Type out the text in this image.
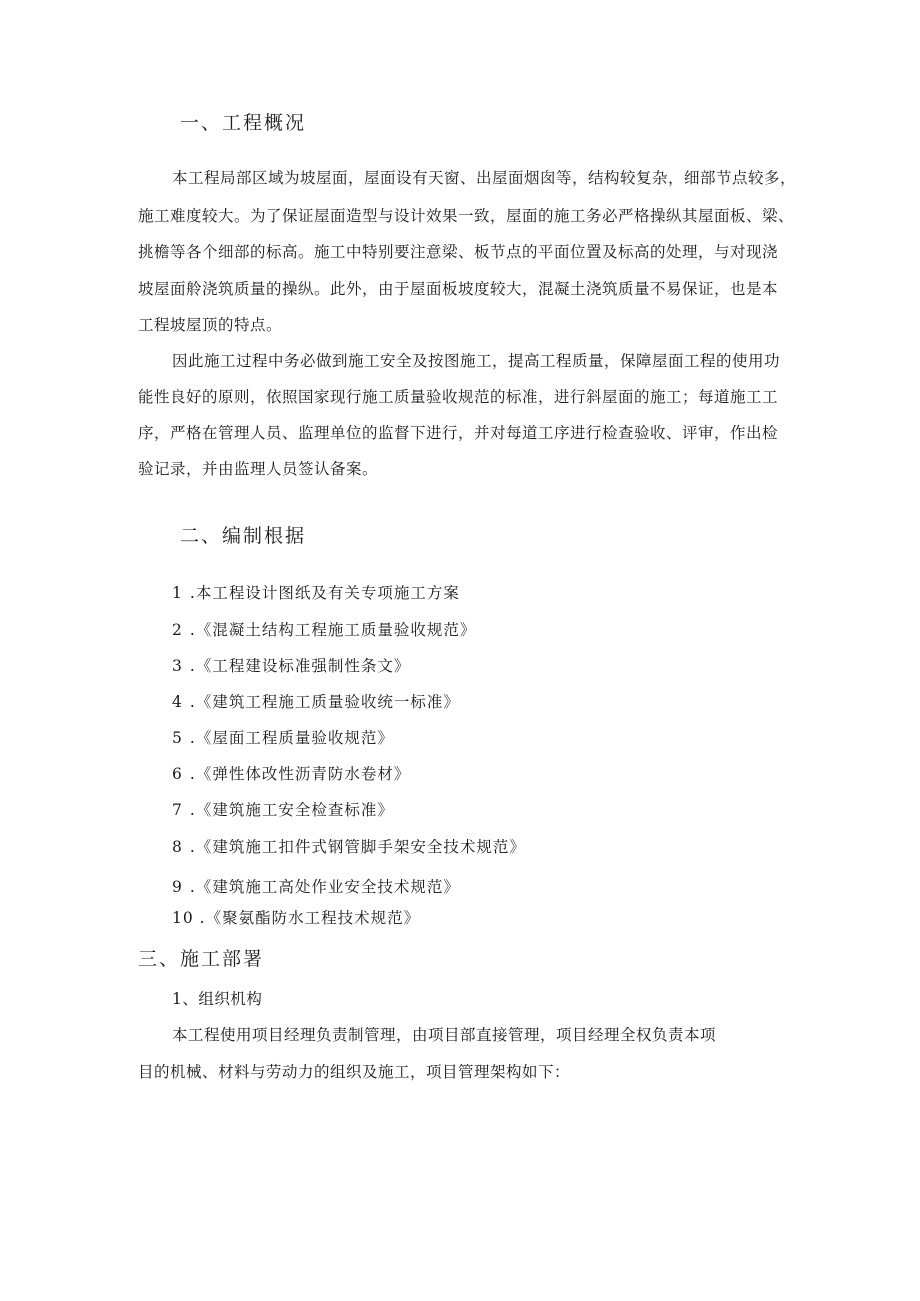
一、工程概况
本工程局部区域为坡屋面，屋面设有天窗、出屋面烟囱等，结构较复杂，细部节点较多，
施工难度较大。为了保证屋面造型与设计效果一致，屋面的施工务必严格操纵其屋面板、梁、
挑檐等各个细部的标高。施工中特别要注意梁、板节点的平面位置及标高的处理，与对现浇
坡屋面舲浇筑质量的操纵。此外，由于屋面板坡度较大，混凝土浇筑质量不易保证，也是本
工程坡屋顶的特点。
因此施工过程中务必做到施工安全及按图施工，提高工程质量，保障屋面工程的使用功
能性良好的原则，依照国家现行施工质量验收规范的标准，进行斜屋面的施工；每道施工工
序，严格在管理人员、监理单位的监督下进行，并对每道工序进行检查验收、评审，作出检
验记录，并由监理人员签认备案。
二、编制根据
1 .本工程设计图纸及有关专项施工方案
2 .《混凝土结构工程施工质量验收规范》
3 .《工程建设标准强制性条文》
4 .《建筑工程施工质量验收统一标准》
5 .《屋面工程质量验收规范》
6 .《弹性体改性沥青防水卷材》
7 .《建筑施工安全检查标准》
8 .《建筑施工扣件式钢管脚手架安全技术规范》
9 .《建筑施工高处作业安全技术规范》
10 .《聚氨酯防水工程技术规范》
三、施工部署
1、组织机构
本工程使用项目经理负责制管理，由项目部直接管理，项目经理全权负责本项
目的机械、材料与劳动力的组织及施工，项目管理架构如下：
